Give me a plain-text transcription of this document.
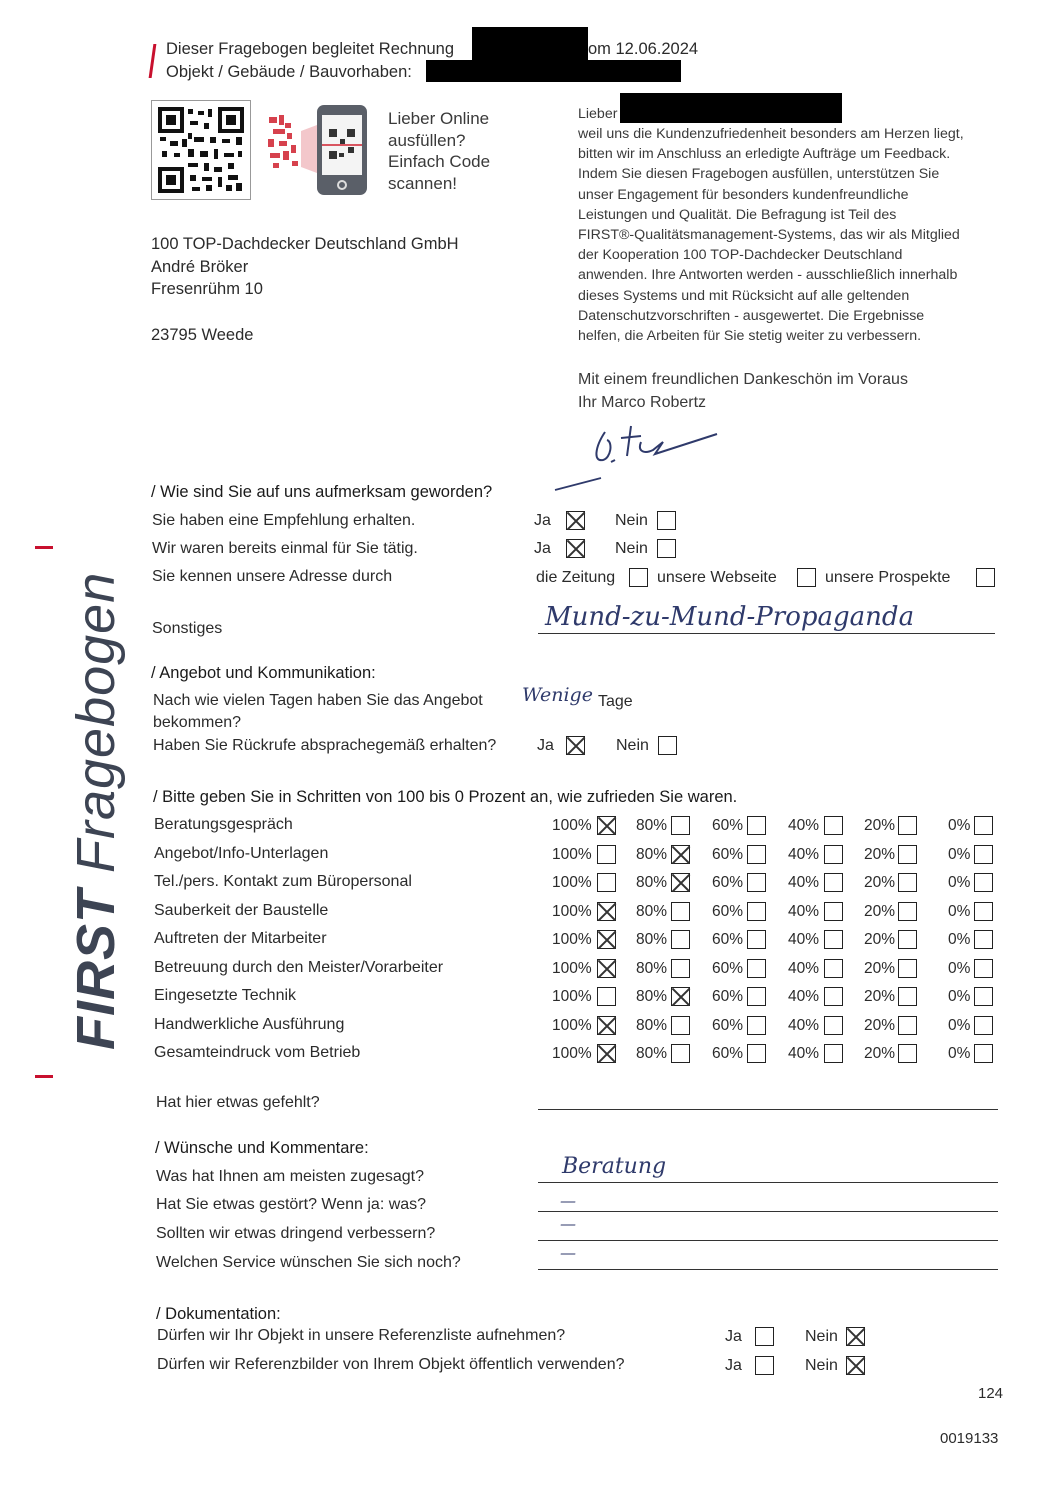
FIRST Fragebogen
Dieser Fragebogen begleitet Rechnung	om 12.06.2024
Objekt / Gebäude / Bauvorhaben:
Lieber Online
ausfüllen?
Einfach Code
scannen!
100 TOP-Dachdecker Deutschland GmbH
André Bröker
Fresenrühm 10
23795 Weede
Lieber
weil uns die Kundenzufriedenheit besonders am Herzen liegt,
bitten wir im Anschluss an erledigte Aufträge um Feedback.
Indem Sie diesen Fragebogen ausfüllen, unterstützen Sie
unser Engagement für besonders kundenfreundliche
Leistungen und Qualität. Die Befragung ist Teil des
FIRST®-Qualitätsmanagement-Systems, das wir als Mitglied
der Kooperation 100 TOP-Dachdecker Deutschland
anwenden. Ihre Antworten werden - ausschließlich innerhalb
dieses Systems und mit Rücksicht auf alle geltenden
Datenschutzvorschriften - ausgewertet. Die Ergebnisse
helfen, die Arbeiten für Sie stetig weiter zu verbessern.
Mit einem freundlichen Dankeschön im Voraus
Ihr Marco Robertz
/ Wie sind Sie auf uns aufmerksam geworden?
Sie haben eine Empfehlung erhalten.	Ja	Nein
Wir waren bereits einmal für Sie tätig.	Ja	Nein
Sie kennen unsere Adresse durch	die Zeitung	unsere Webseite	unsere Prospekte
Sonstiges	Mund-zu-Mund-Propaganda
/ Angebot und Kommunikation:
Nach wie vielen Tagen haben Sie das Angebot
bekommen?
Wenige Tage
Haben Sie Rückrufe absprachegemäß erhalten?	Ja	Nein
/ Bitte geben Sie in Schritten von 100 bis 0 Prozent an, wie zufrieden Sie waren.
Beratungsgespräch	100%	80%	60%	40%	20%	0%
Angebot/Info-Unterlagen	100%	80%	60%	40%	20%	0%
Tel./pers. Kontakt zum Büropersonal	100%	80%	60%	40%	20%	0%
Sauberkeit der Baustelle	100%	80%	60%	40%	20%	0%
Auftreten der Mitarbeiter	100%	80%	60%	40%	20%	0%
Betreuung durch den Meister/Vorarbeiter	100%	80%	60%	40%	20%	0%
Eingesetzte Technik	100%	80%	60%	40%	20%	0%
Handwerkliche Ausführung	100%	80%	60%	40%	20%	0%
Gesamteindruck vom Betrieb	100%	80%	60%	40%	20%	0%
Hat hier etwas gefehlt?
/ Wünsche und Kommentare:
Was hat Ihnen am meisten zugesagt?	Beratung
Hat Sie etwas gestört? Wenn ja: was?	—
Sollten wir etwas dringend verbessern?
—
Welchen Service wünschen Sie sich noch?
—
/ Dokumentation:
Dürfen wir Ihr Objekt in unsere Referenzliste aufnehmen?	Ja	Nein
Dürfen wir Referenzbilder von Ihrem Objekt öffentlich verwenden?	Ja	Nein
124
0019133
